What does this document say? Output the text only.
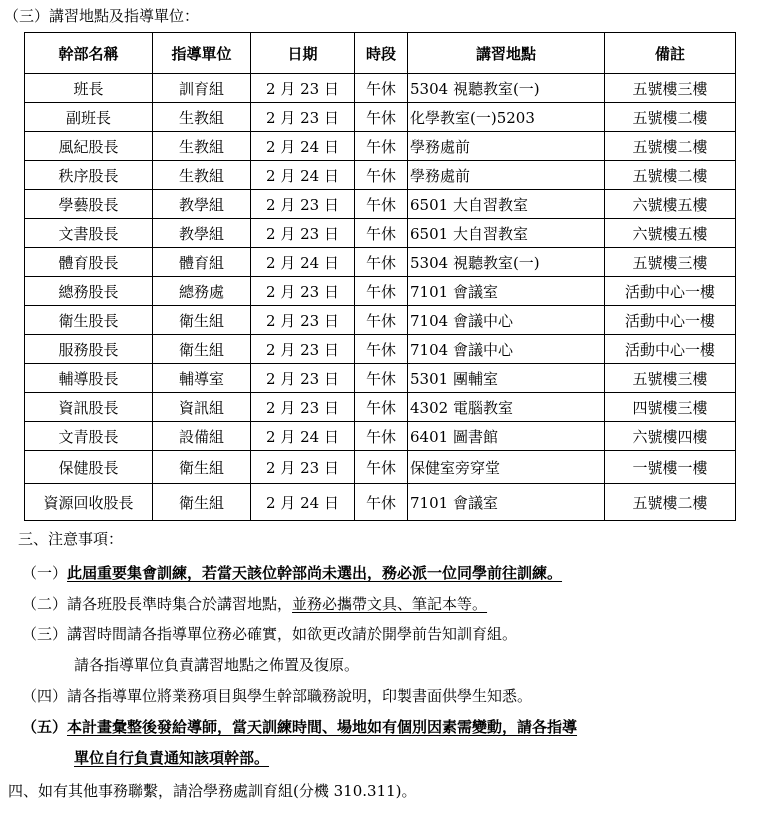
（三）講習地點及指導單位：
幹部名稱	指導單位	日期	時段	講習地點	備註
班長	訓育組	2 月 23 日	午休	5304 視聽教室(一)	五號樓三樓
副班長	生教組	2 月 23 日	午休	化學教室(一)5203	五號樓二樓
風紀股長	生教組	2 月 24 日	午休	學務處前	五號樓二樓
秩序股長	生教組	2 月 24 日	午休	學務處前	五號樓二樓
學藝股長	教學組	2 月 23 日	午休	6501 大自習教室	六號樓五樓
文書股長	教學組	2 月 23 日	午休	6501 大自習教室	六號樓五樓
體育股長	體育組	2 月 24 日	午休	5304 視聽教室(一)	五號樓三樓
總務股長	總務處	2 月 23 日	午休	7101 會議室	活動中心一樓
衛生股長	衛生組	2 月 23 日	午休	7104 會議中心	活動中心一樓
服務股長	衛生組	2 月 23 日	午休	7104 會議中心	活動中心一樓
輔導股長	輔導室	2 月 23 日	午休	5301 團輔室	五號樓三樓
資訊股長	資訊組	2 月 23 日	午休	4302 電腦教室	四號樓三樓
文青股長	設備組	2 月 24 日	午休	6401 圖書館	六號樓四樓
保健股長	衛生組	2 月 23 日	午休	保健室旁穿堂	一號樓一樓
資源回收股長	衛生組	2 月 24 日	午休	7101 會議室	五號樓二樓
三、注意事項：
（一）此屆重要集會訓練，若當天該位幹部尚未選出，務必派一位同學前往訓練。
（二）請各班股長準時集合於講習地點，並務必攜帶文具、筆記本等。
（三）講習時間請各指導單位務必確實，如欲更改請於開學前告知訓育組。
請各指導單位負責講習地點之佈置及復原。
（四）請各指導單位將業務項目與學生幹部職務說明，印製書面供學生知悉。
（五）本計畫彙整後發給導師，當天訓練時間、場地如有個別因素需變動，請各指導
單位自行負責通知該項幹部。
四、如有其他事務聯繫，請洽學務處訓育組(分機 310.311)。
